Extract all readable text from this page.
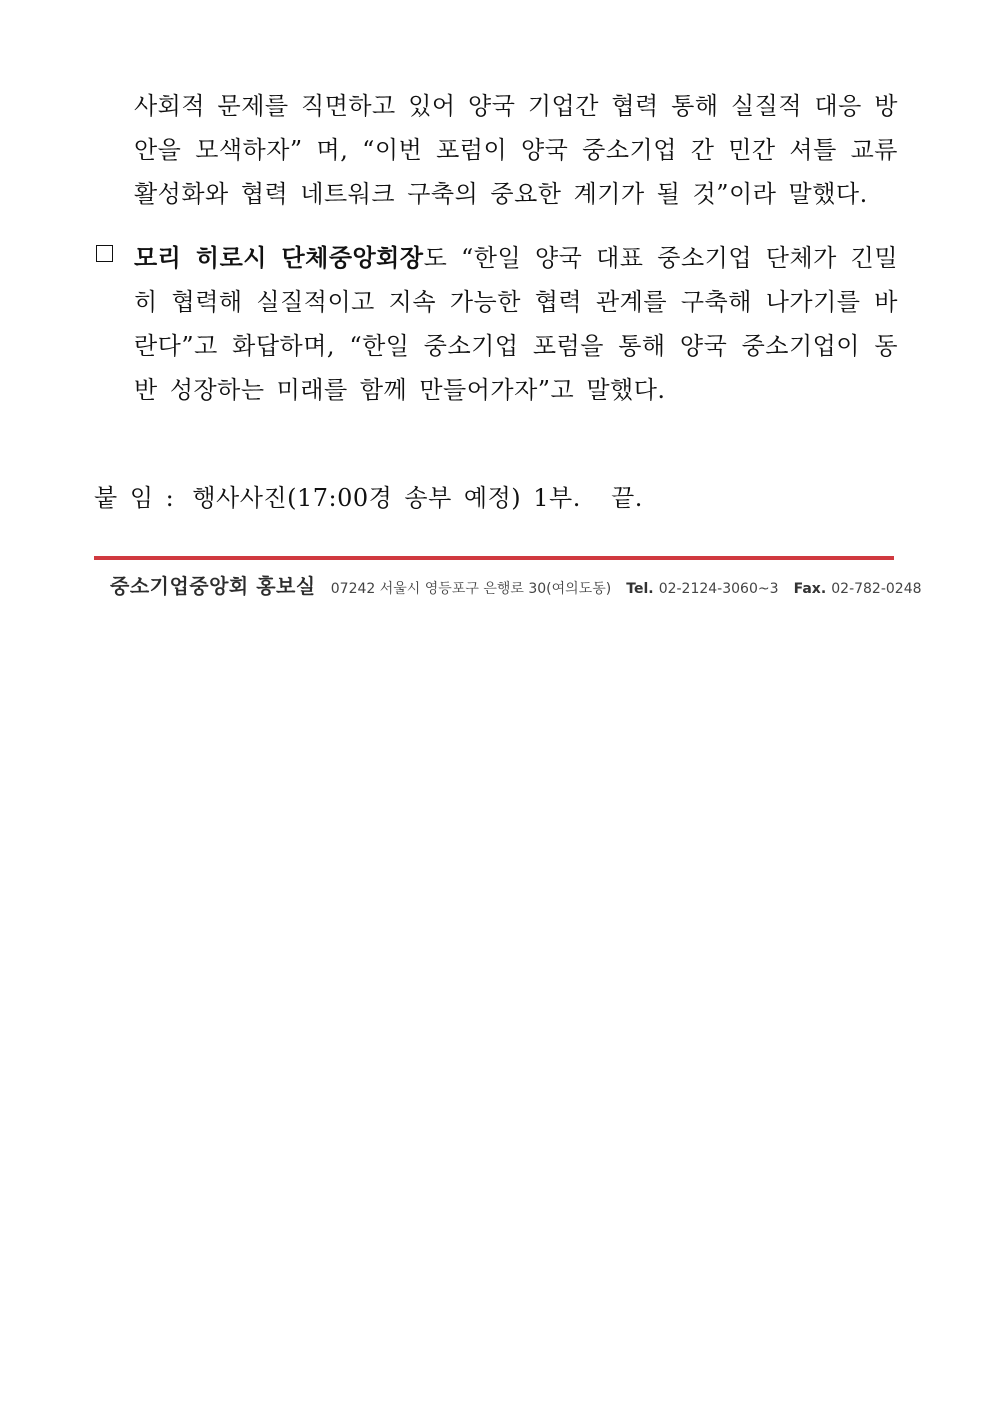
사회적 문제를 직면하고 있어 양국 기업간 협력 통해 실질적 대응 방안을 모색하자” 며, “이번 포럼이 양국 중소기업 간 민간 셔틀 교류 활성화와 협력 네트워크 구축의 중요한 계기가 될 것”이라 말했다.

모리 히로시 단체중앙회장도 “한일 양국 대표 중소기업 단체가 긴밀히 협력해 실질적이고 지속 가능한 협력 관계를 구축해 나가기를 바란다”고 화답하며, “한일 중소기업 포럼을 통해 양국 중소기업이 동반 성장하는 미래를 함께 만들어가자”고 말했다.

붙 임 : 행사사진(17:00경 송부 예정) 1부. 끝.
중소기업중앙회 홍보실 07242 서울시 영등포구 은행로 30(여의도동) Tel. 02-2124-3060~3 Fax. 02-782-0248
